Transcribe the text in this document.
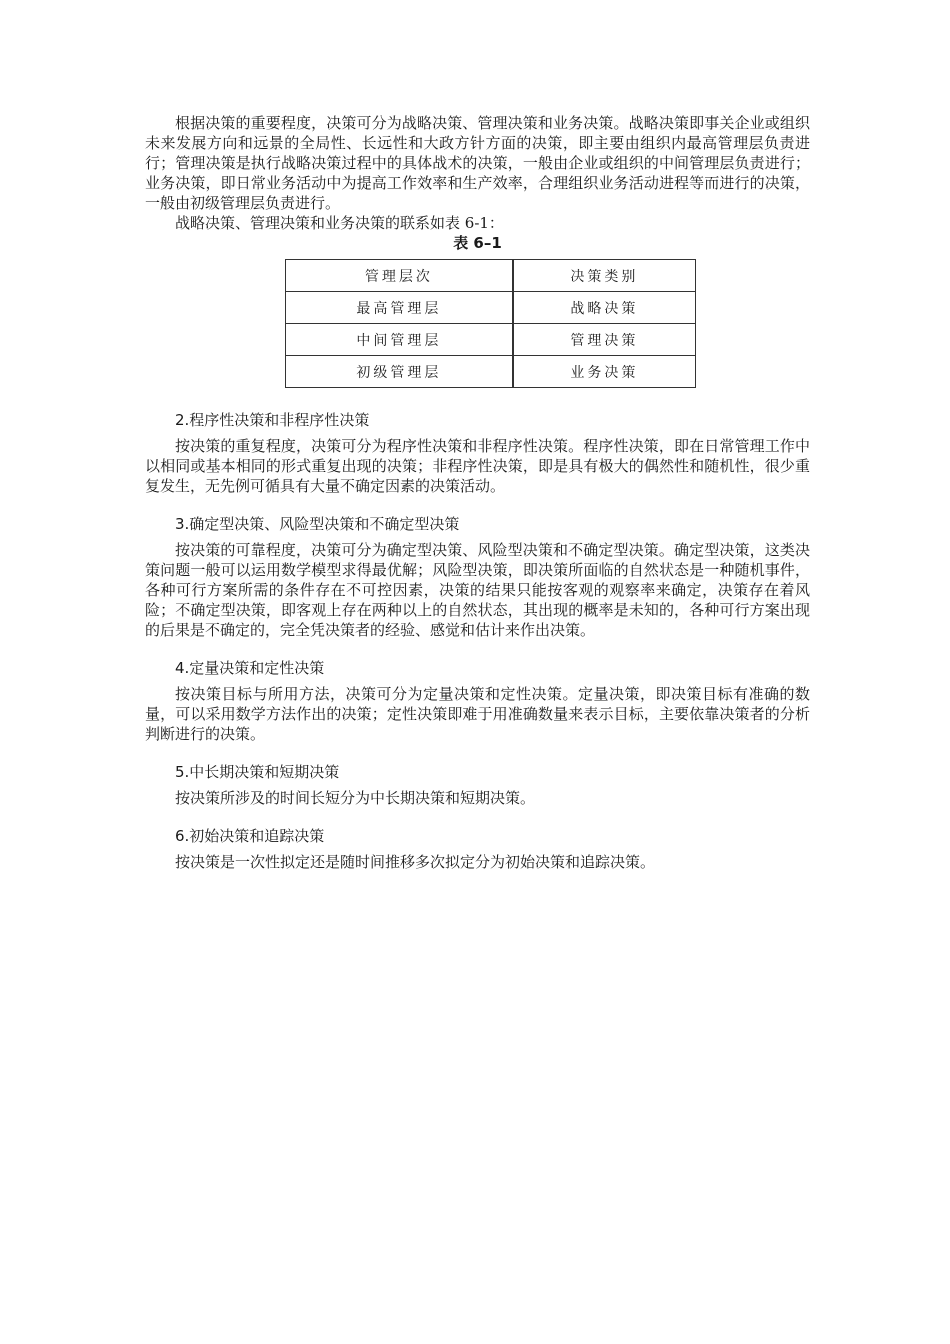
根据决策的重要程度，决策可分为战略决策、管理决策和业务决策。战略决策即事关企业或组织未来发展方向和远景的全局性、长远性和大政方针方面的决策，即主要由组织内最高管理层负责进行；管理决策是执行战略决策过程中的具体战术的决策，一般由企业或组织的中间管理层负责进行；业务决策，即日常业务活动中为提高工作效率和生产效率，合理组织业务活动进程等而进行的决策，一般由初级管理层负责进行。

战略决策、管理决策和业务决策的联系如表 6-1：

表 6–1
管理层次	决策类别
最高管理层	战略决策
中间管理层	管理决策
初级管理层	业务决策
2.程序性决策和非程序性决策

按决策的重复程度，决策可分为程序性决策和非程序性决策。程序性决策，即在日常管理工作中以相同或基本相同的形式重复出现的决策；非程序性决策，即是具有极大的偶然性和随机性，很少重复发生，无先例可循具有大量不确定因素的决策活动。

3.确定型决策、风险型决策和不确定型决策

按决策的可靠程度，决策可分为确定型决策、风险型决策和不确定型决策。确定型决策，这类决策问题一般可以运用数学模型求得最优解；风险型决策，即决策所面临的自然状态是一种随机事件，各种可行方案所需的条件存在不可控因素，决策的结果只能按客观的观察率来确定，决策存在着风险；不确定型决策，即客观上存在两种以上的自然状态，其出现的概率是未知的，各种可行方案出现的后果是不确定的，完全凭决策者的经验、感觉和估计来作出决策。

4.定量决策和定性决策

按决策目标与所用方法，决策可分为定量决策和定性决策。定量决策，即决策目标有准确的数量，可以采用数学方法作出的决策；定性决策即难于用准确数量来表示目标，主要依靠决策者的分析判断进行的决策。

5.中长期决策和短期决策

按决策所涉及的时间长短分为中长期决策和短期决策。

6.初始决策和追踪决策

按决策是一次性拟定还是随时间推移多次拟定分为初始决策和追踪决策。
